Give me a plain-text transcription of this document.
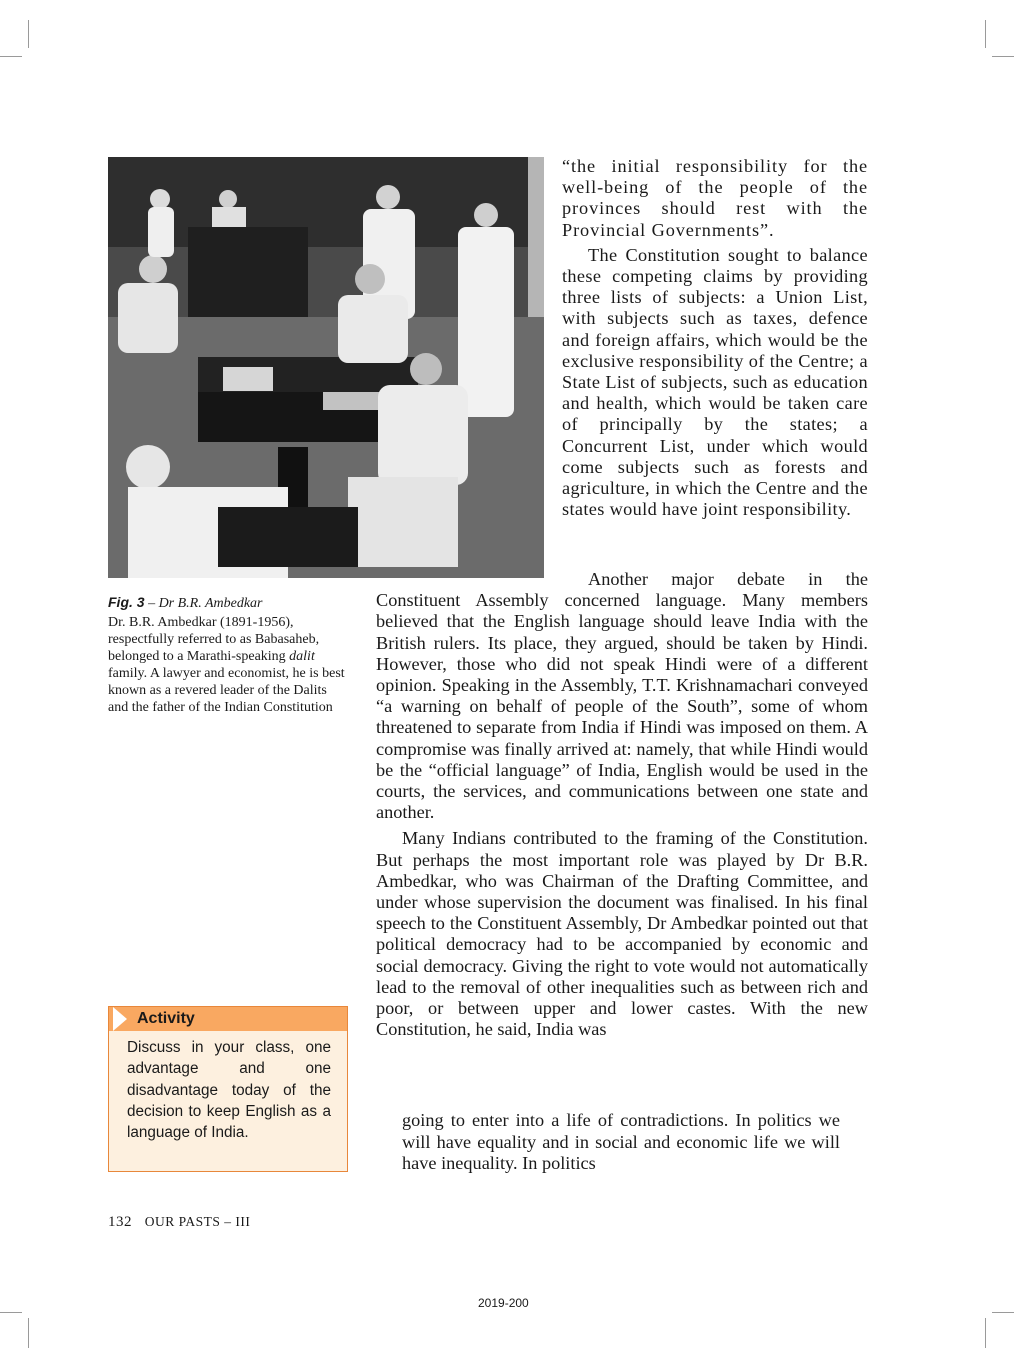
Fig. 3 – Dr B.R. Ambedkar
Dr. B.R. Ambedkar (1891-1956), respectfully referred to as Babasaheb, belonged to a Marathi-speaking dalit family. A lawyer and economist, he is best known as a revered leader of the Dalits and the father of the Indian Constitution

“the initial responsibility for the well-being of the people of the provinces should rest with the Provincial Governments”.

The Constitution sought to balance these competing claims by providing three lists of subjects: a Union List, with subjects such as taxes, defence and foreign affairs, which would be the exclusive responsibility of the Centre; a State List of subjects, such as education and health, which would be taken care of principally by the states; a Concurrent List, under which would come subjects such as forests and agriculture, in which the Centre and the states would have joint responsibility.

Another major debate in the Constituent Assembly concerned language. Many members believed that the English language should leave India with the British rulers. Its place, they argued, should be taken by Hindi. However, those who did not speak Hindi were of a different opinion. Speaking in the Assembly, T.T. Krishnamachari conveyed “a warning on behalf of people of the South”, some of whom threatened to separate from India if Hindi was imposed on them. A compromise was finally arrived at: namely, that while Hindi would be the “official language” of India, English would be used in the courts, the services, and communications between one state and another.

Many Indians contributed to the framing of the Constitution. But perhaps the most important role was played by Dr B.R. Ambedkar, who was Chairman of the Drafting Committee, and under whose supervision the document was finalised. In his final speech to the Constituent Assembly, Dr Ambedkar pointed out that political democracy had to be accompanied by economic and social democracy. Giving the right to vote would not automatically lead to the removal of other inequalities such as between rich and poor, or between upper and lower castes. With the new Constitution, he said, India was

going to enter into a life of contradictions. In politics we will have equality and in social and economic life we will have inequality. In politics

Activity
Discuss in your class, one advantage and one disadvantage today of the decision to keep English as a language of India.
132 OUR PASTS – III
2019-200
